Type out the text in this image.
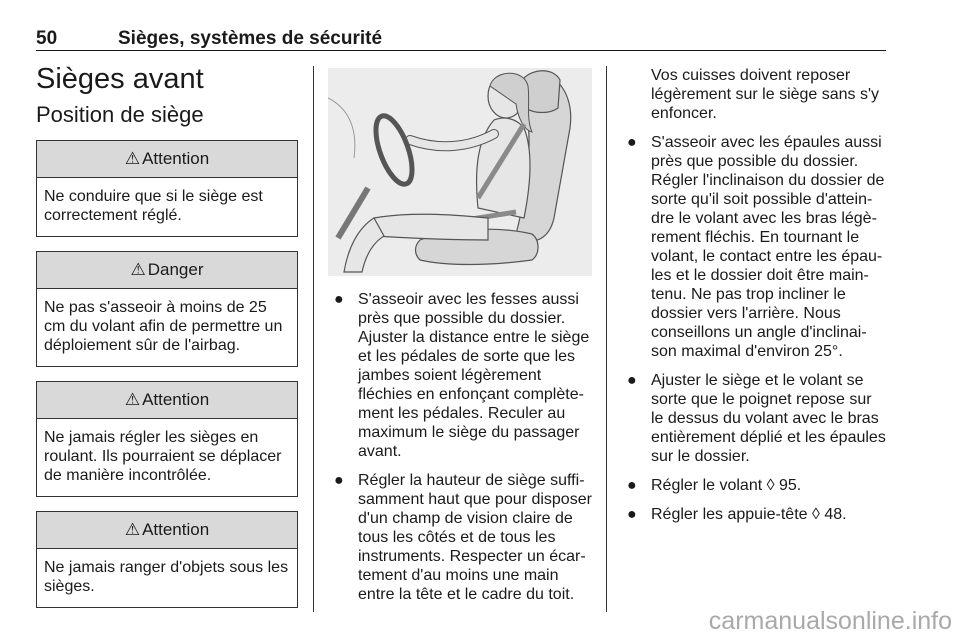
50	Sièges, systèmes de sécurité
Sièges avant
Position de siège
⚠ Attention
Ne conduire que si le siège est correctement réglé.
⚠ Danger
Ne pas s'asseoir à moins de 25 cm du volant afin de permettre un déploiement sûr de l'airbag.
⚠ Attention
Ne jamais régler les sièges en roulant. Ils pourraient se déplacer de manière incontrôlée.
⚠ Attention
Ne jamais ranger d'objets sous les sièges.
● S'asseoir avec les fesses aussi près que possible du dossier. Ajuster la distance entre le siège et les pédales de sorte que les jambes soient légèrement fléchies en enfonçant complètement les pédales. Reculer au maximum le siège du passager avant.
● Régler la hauteur de siège suffisamment haut que pour disposer d'un champ de vision claire de tous les côtés et de tous les instruments. Respecter un écartement d'au moins une main entre la tête et le cadre du toit.
Vos cuisses doivent reposer légèrement sur le siège sans s'y enfoncer.
● S'asseoir avec les épaules aussi près que possible du dossier. Régler l'inclinaison du dossier de sorte qu'il soit possible d'atteindre le volant avec les bras légèrement fléchis. En tournant le volant, le contact entre les épaules et le dossier doit être maintenu. Ne pas trop incliner le dossier vers l'arrière. Nous conseillons un angle d'inclinaison maximal d'environ 25°.
● Ajuster le siège et le volant se sorte que le poignet repose sur le dessus du volant avec le bras entièrement déplié et les épaules sur le dossier.
● Régler le volant ◊ 95.
● Régler les appuie-tête ◊ 48.
carmanualsonline.info
